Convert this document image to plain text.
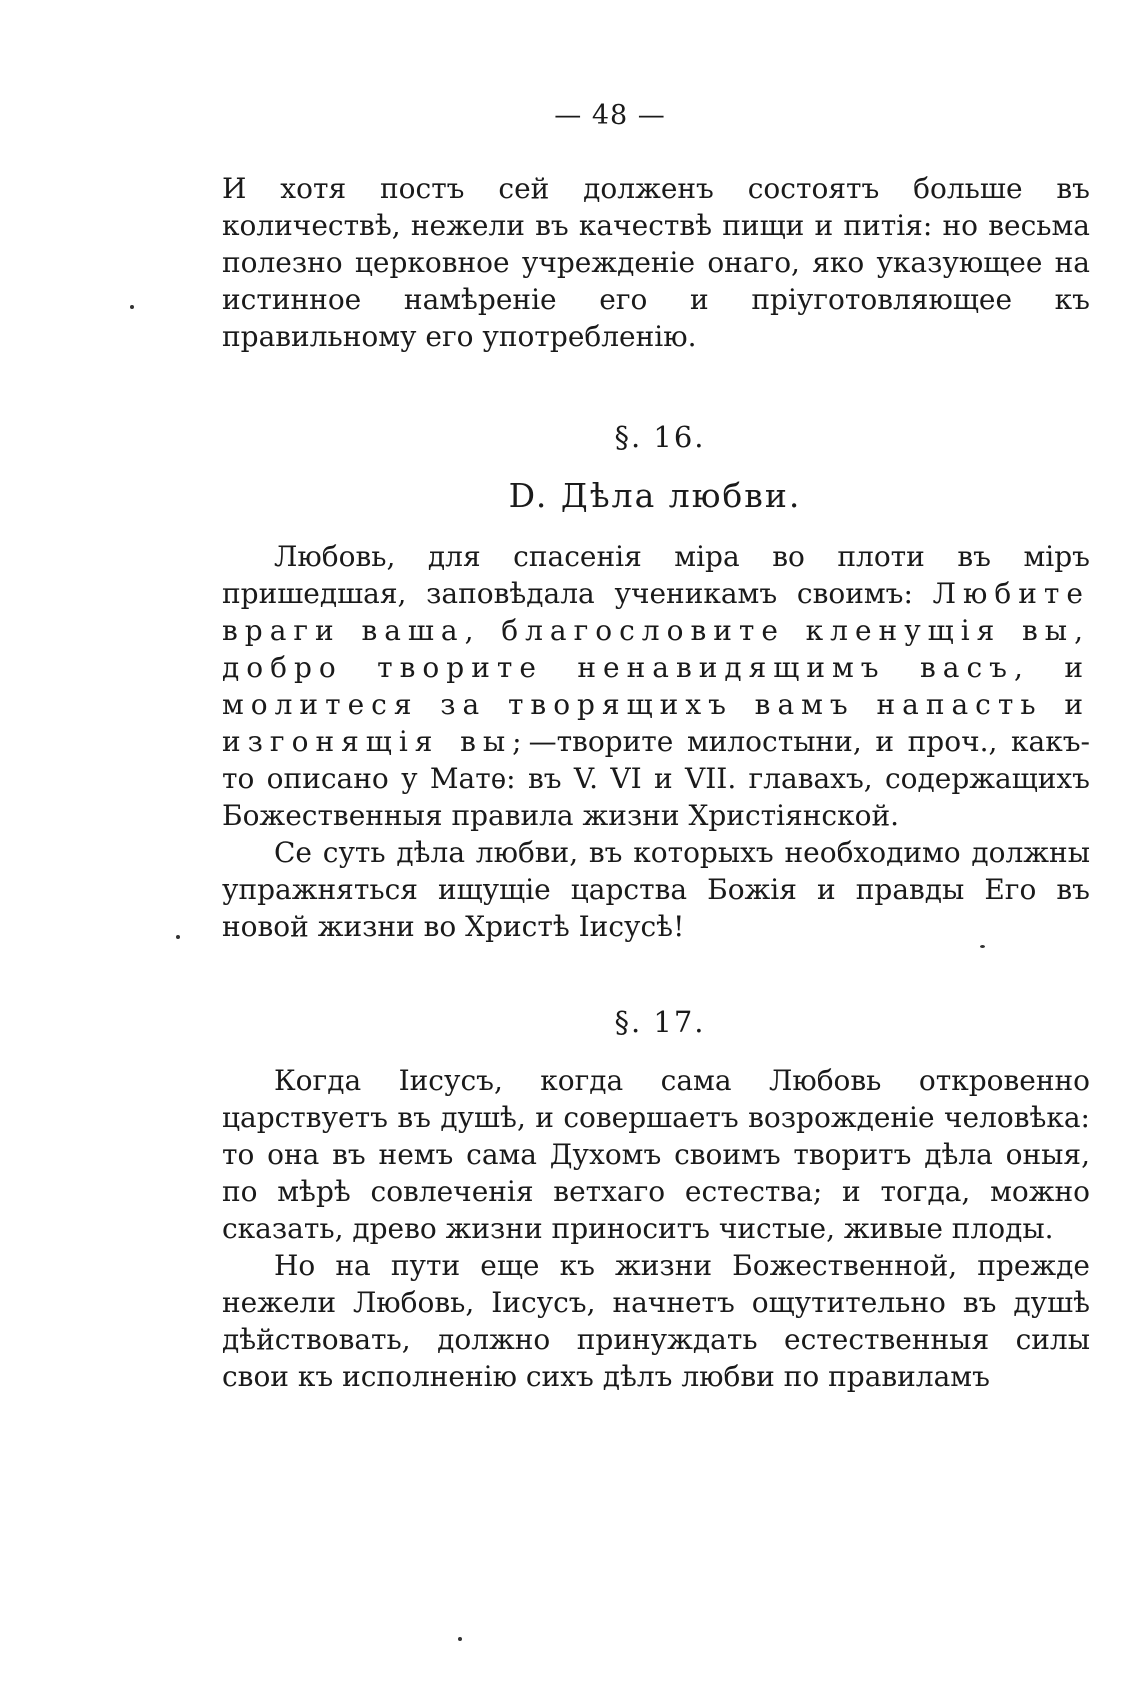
— 48 —

И хотя постъ сей долженъ состоятъ больше въ количествѣ, нежели въ качествѣ пищи и питія: но весьма полезно церковное учрежденіе онаго, яко указующее на истинное намѣреніе его и пріуготовляющее къ правильному его употребленію.

§. 16.
D. Дѣла любви.

Любовь, для спасенія міра во плоти въ міръ пришедшая, заповѣдала ученикамъ своимъ: Любите враги ваша, благословите кленущія вы, добро творите ненавидящимъ васъ, и молитеся за творящихъ вамъ напасть и изгонящія вы;—творите милостыни, и проч., какъ-то описано у Матѳ: въ V. VI и VII. главахъ, содержащихъ Божественныя правила жизни Христіянской.

Се суть дѣла любви, въ которыхъ необходимо должны упражняться ищущіе царства Божія и правды Его въ новой жизни во Христѣ Іисусѣ!

§. 17.

Когда Іисусъ, когда сама Любовь откровенно царствуетъ въ душѣ, и совершаетъ возрожденіе человѣка: то она въ немъ сама Духомъ своимъ творитъ дѣла оныя, по мѣрѣ совлеченія ветхаго естества; и тогда, можно сказать, древо жизни приноситъ чистые, живые плоды.

Но на пути еще къ жизни Божественной, прежде нежели Любовь, Іисусъ, начнетъ ощутительно въ душѣ дѣйствовать, должно принуждать естественныя силы свои къ исполненію сихъ дѣлъ любви по правиламъ
